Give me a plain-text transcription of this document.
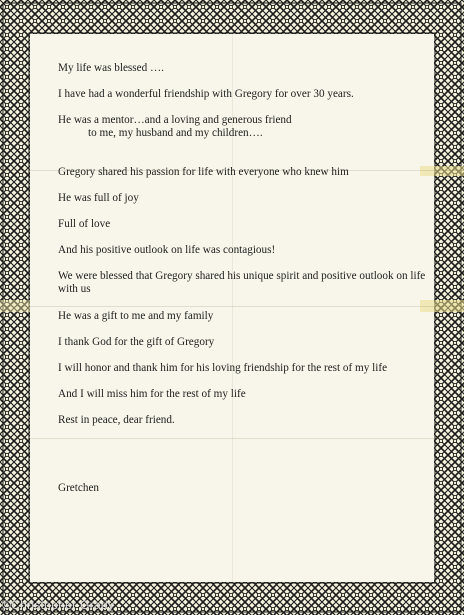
My life was blessed ….

I have had a wonderful friendship with Gregory for over 30 years.

He was a mentor…and a loving and generous friend
to me, my husband and my children….

Gregory shared his passion for life with everyone who knew him

He was full of joy

Full of love

And his positive outlook on life was contagious!

We were blessed that Gregory shared his unique spirit and positive outlook on life with us

He was a gift to me and my family

I thank God for the gift of Gregory

I will honor and thank him for his loving friendship for the rest of my life

And I will miss him for the rest of my life

Rest in peace, dear friend.

Gretchen

©Christopher Grady
